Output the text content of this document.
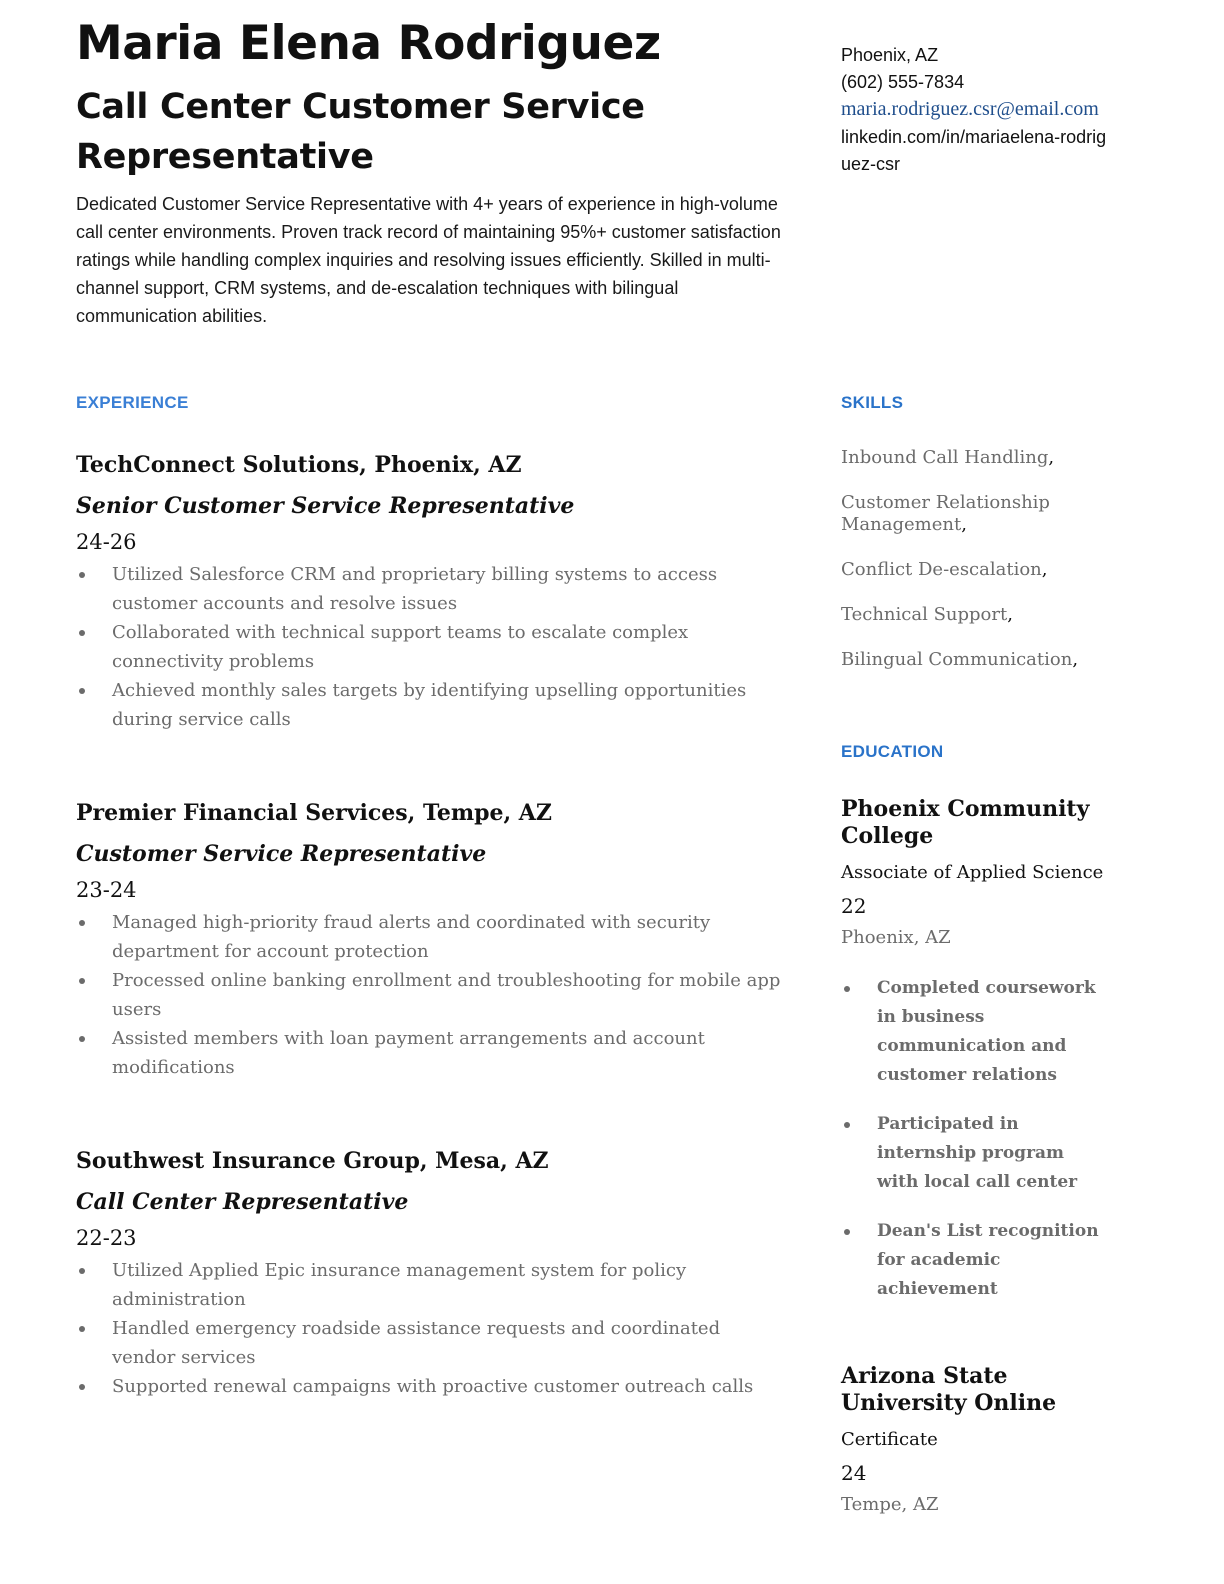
Maria Elena Rodriguez
Call Center Customer Service Representative

Dedicated Customer Service Representative with 4+ years of experience in high-volume call center environments. Proven track record of maintaining 95%+ customer satisfaction ratings while handling complex inquiries and resolving issues efficiently. Skilled in multi-channel support, CRM systems, and de-escalation techniques with bilingual communication abilities.

Phoenix, AZ
(602) 555-7834
maria.rodriguez.csr@email.com
linkedin.com/in/mariaelena-rodriguez-csr
EXPERIENCE
TechConnect Solutions, Phoenix, AZ
Senior Customer Service Representative
24-26
Utilized Salesforce CRM and proprietary billing systems to access customer accounts and resolve issues
Collaborated with technical support teams to escalate complex connectivity problems
Achieved monthly sales targets by identifying upselling opportunities during service calls
Premier Financial Services, Tempe, AZ
Customer Service Representative
23-24
Managed high-priority fraud alerts and coordinated with security department for account protection
Processed online banking enrollment and troubleshooting for mobile app users
Assisted members with loan payment arrangements and account modifications
Southwest Insurance Group, Mesa, AZ
Call Center Representative
22-23
Utilized Applied Epic insurance management system for policy administration
Handled emergency roadside assistance requests and coordinated vendor services
Supported renewal campaigns with proactive customer outreach calls
SKILLS
Inbound Call Handling,
Customer Relationship Management,
Conflict De-escalation,
Technical Support,
Bilingual Communication,
EDUCATION
Phoenix Community College
Associate of Applied Science
22
Phoenix, AZ
Completed coursework in business communication and customer relations
Participated in internship program with local call center
Dean's List recognition for academic achievement
Arizona State University Online
Certificate
24
Tempe, AZ
